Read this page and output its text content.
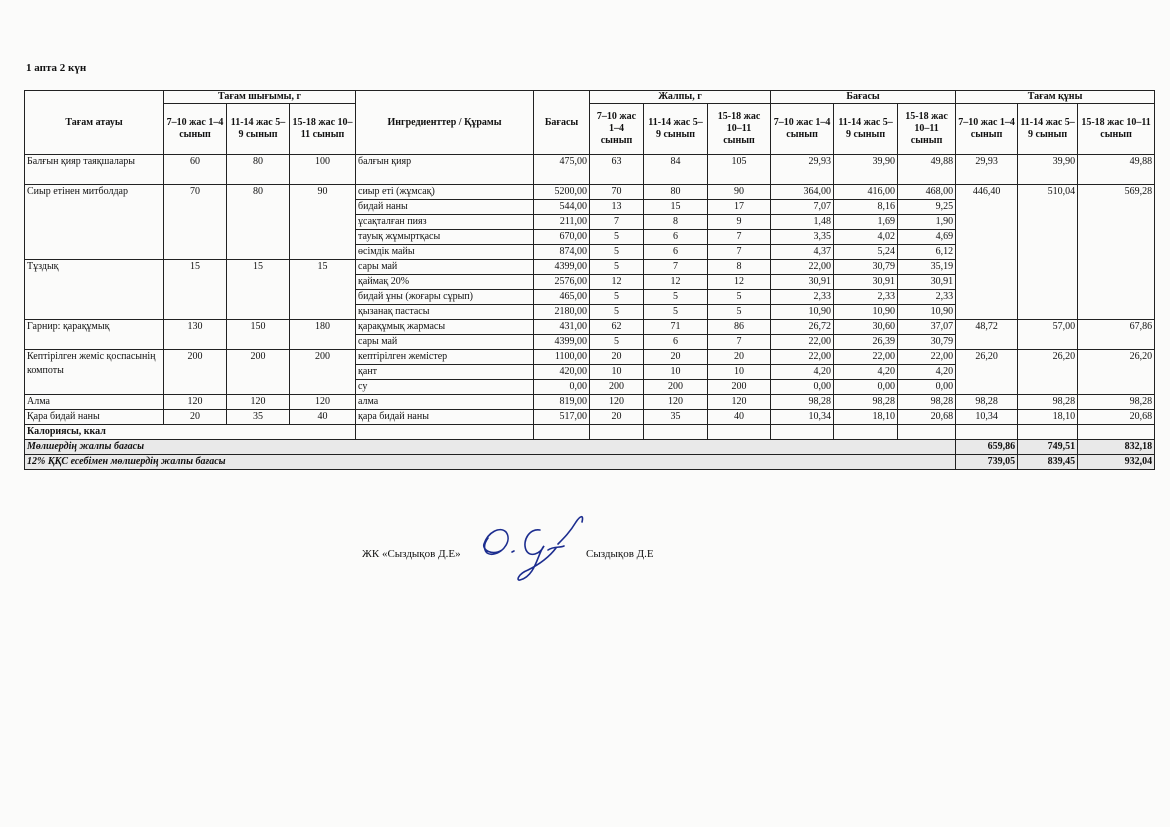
1 апта 2 күн
Тағам атауы	Тағам шығымы, г			Ингредиенттер / Құрамы	Бағасы	Жалпы, г			Бағасы			Тағам құны		
	7–10 жас 1–4 сынып	11-14 жас 5–9 сынып	15-18 жас 10–11 сынып			7–10 жас 1–4 сынып	11-14 жас 5–9 сынып	15-18 жас 10–11 сынып	7–10 жас 1–4 сынып	11-14 жас 5–9 сынып	15-18 жас 10–11 сынып	7–10 жас 1–4 сынып	11-14 жас 5–9 сынып	15-18 жас 10–11 сынып
Балғын қияр таяқшалары	60	80	100	балғын қияр	475,00	63	84	105	29,93	39,90	49,88	29,93	39,90	49,88
Сиыр етінен митболдар	70	80	90	сиыр еті (жұмсақ)	5200,00	70	80	90	364,00	416,00	468,00	446,40	510,04	569,28
				бидай наны	544,00	13	15	17	7,07	8,16	9,25			
				ұсақталған пияз	211,00	7	8	9	1,48	1,69	1,90			
				тауық жұмыртқасы	670,00	5	6	7	3,35	4,02	4,69			
				өсімдік майы	874,00	5	6	7	4,37	5,24	6,12			
Тұздық	15	15	15	сары май	4399,00	5	7	8	22,00	30,79	35,19			
				қаймақ 20%	2576,00	12	12	12	30,91	30,91	30,91			
				бидай ұны (жоғары сұрып)	465,00	5	5	5	2,33	2,33	2,33			
				қызанақ пастасы	2180,00	5	5	5	10,90	10,90	10,90			
Гарнир: қарақұмық	130	150	180	қарақұмық жармасы	431,00	62	71	86	26,72	30,60	37,07	48,72	57,00	67,86
				сары май	4399,00	5	6	7	22,00	26,39	30,79			
Кептірілген жеміс қоспасынің компоты	200	200	200	кептірілген жемістер	1100,00	20	20	20	22,00	22,00	22,00	26,20	26,20	26,20
				қант	420,00	10	10	10	4,20	4,20	4,20			
				су	0,00	200	200	200	0,00	0,00	0,00			
Алма	120	120	120	алма	819,00	120	120	120	98,28	98,28	98,28	98,28	98,28	98,28
Қара бидай наны	20	35	40	қара бидай наны	517,00	20	35	40	10,34	18,10	20,68	10,34	18,10	20,68
Калориясы, ккал														
Мөлшердің жалпы бағасы												659,86	749,51	832,18
12% ҚҚС есебімен мөлшердің жалпы бағасы												739,05	839,45	932,04
ЖК «Сыздықов Д.Е»
Д. Сыз
Сыздықов Д.Е
